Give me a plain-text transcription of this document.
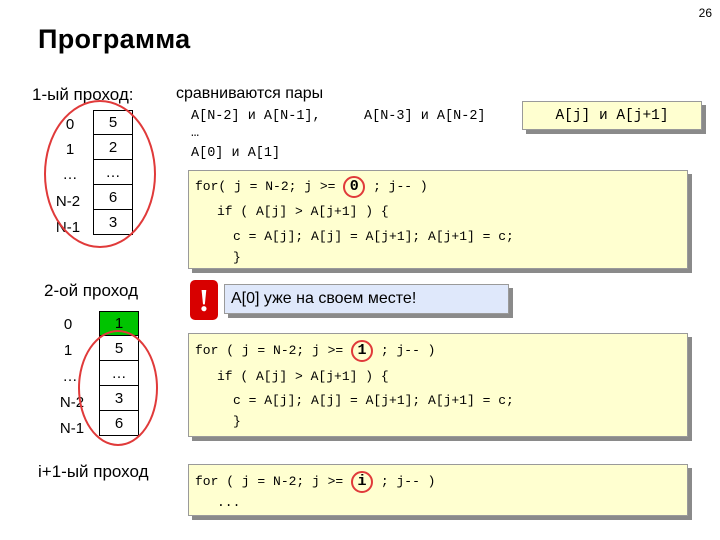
26
Программа
1-ый проход:
0
1
…
N-2
N-1
5
2
…
6
3
2-ой проход
0
1
…
N-2
N-1
1
5
…
3
6
i+1-ый проход
сравниваются пары
A[N-2] и A[N-1],	A[N-3] и A[N-2]
…
A[0] и A[1]
A[j] и A[j+1]
for( j = N-2; j >= 0 ; j-- )
if ( A[j] > A[j+1] ) {
c = A[j]; A[j] = A[j+1]; A[j+1] = c;
}
!	A[0] уже на своем месте!
for ( j = N-2; j >= 1 ; j-- )
if ( A[j] > A[j+1] ) {
c = A[j]; A[j] = A[j+1]; A[j+1] = c;
}
for ( j = N-2; j >= i ; j-- )
...
